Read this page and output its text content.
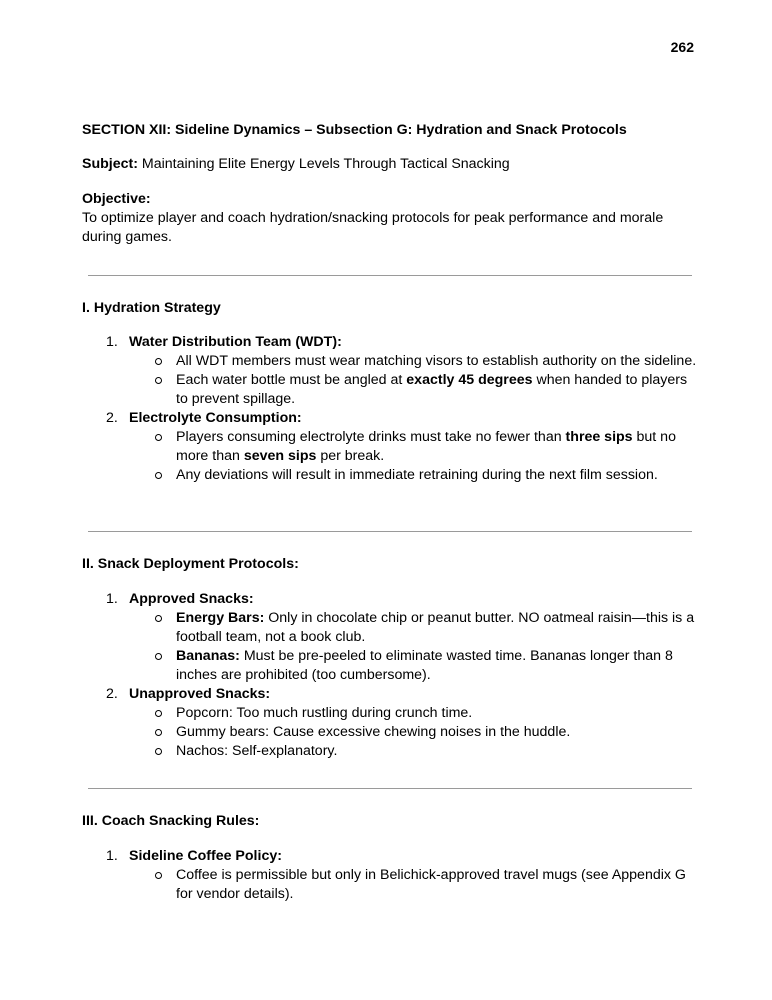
262
SECTION XII: Sideline Dynamics – Subsection G: Hydration and Snack Protocols
Subject: Maintaining Elite Energy Levels Through Tactical Snacking
Objective:
To optimize player and coach hydration/snacking protocols for peak performance and morale during games.
I. Hydration Strategy
1. Water Distribution Team (WDT):
All WDT members must wear matching visors to establish authority on the sideline.
Each water bottle must be angled at exactly 45 degrees when handed to players to prevent spillage.
2. Electrolyte Consumption:
Players consuming electrolyte drinks must take no fewer than three sips but no more than seven sips per break.
Any deviations will result in immediate retraining during the next film session.
II. Snack Deployment Protocols:
1. Approved Snacks:
Energy Bars: Only in chocolate chip or peanut butter. NO oatmeal raisin—this is a football team, not a book club.
Bananas: Must be pre-peeled to eliminate wasted time. Bananas longer than 8 inches are prohibited (too cumbersome).
2. Unapproved Snacks:
Popcorn: Too much rustling during crunch time.
Gummy bears: Cause excessive chewing noises in the huddle.
Nachos: Self-explanatory.
III. Coach Snacking Rules:
1. Sideline Coffee Policy:
Coffee is permissible but only in Belichick-approved travel mugs (see Appendix G for vendor details).
